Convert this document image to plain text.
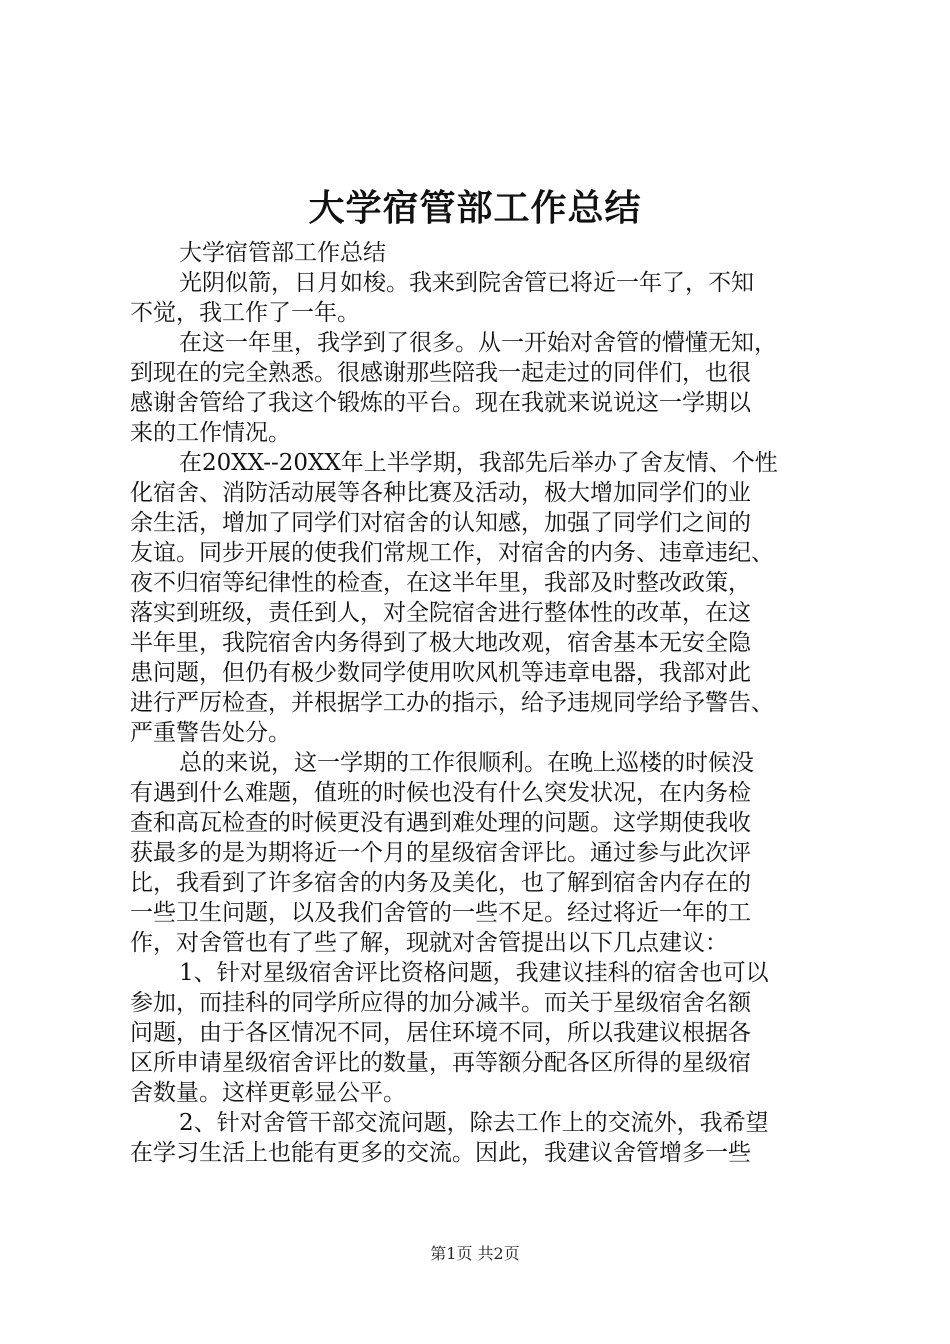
大学宿管部工作总结
大学宿管部工作总结
光阴似箭，日月如梭。我来到院舍管已将近一年了，不知
不觉，我工作了一年。
在这一年里，我学到了很多。从一开始对舍管的懵懂无知，
到现在的完全熟悉。很感谢那些陪我一起走过的同伴们，也很
感谢舍管给了我这个锻炼的平台。现在我就来说说这一学期以
来的工作情况。
在20XX--20XX年上半学期，我部先后举办了舍友情、个性
化宿舍、消防活动展等各种比赛及活动，极大增加同学们的业
余生活，增加了同学们对宿舍的认知感，加强了同学们之间的
友谊。同步开展的使我们常规工作，对宿舍的内务、违章违纪、
夜不归宿等纪律性的检查，在这半年里，我部及时整改政策，
落实到班级，责任到人，对全院宿舍进行整体性的改革，在这
半年里，我院宿舍内务得到了极大地改观，宿舍基本无安全隐
患问题，但仍有极少数同学使用吹风机等违章电器，我部对此
进行严厉检查，并根据学工办的指示，给予违规同学给予警告、
严重警告处分。
总的来说，这一学期的工作很顺利。在晚上巡楼的时候没
有遇到什么难题，值班的时候也没有什么突发状况，在内务检
查和高瓦检查的时候更没有遇到难处理的问题。这学期使我收
获最多的是为期将近一个月的星级宿舍评比。通过参与此次评
比，我看到了许多宿舍的内务及美化，也了解到宿舍内存在的
一些卫生问题，以及我们舍管的一些不足。经过将近一年的工
作，对舍管也有了些了解，现就对舍管提出以下几点建议：
1、针对星级宿舍评比资格问题，我建议挂科的宿舍也可以
参加，而挂科的同学所应得的加分减半。而关于星级宿舍名额
问题，由于各区情况不同，居住环境不同，所以我建议根据各
区所申请星级宿舍评比的数量，再等额分配各区所得的星级宿
舍数量。这样更彰显公平。
2、针对舍管干部交流问题，除去工作上的交流外，我希望
在学习生活上也能有更多的交流。因此，我建议舍管增多一些
第1页 共2页
